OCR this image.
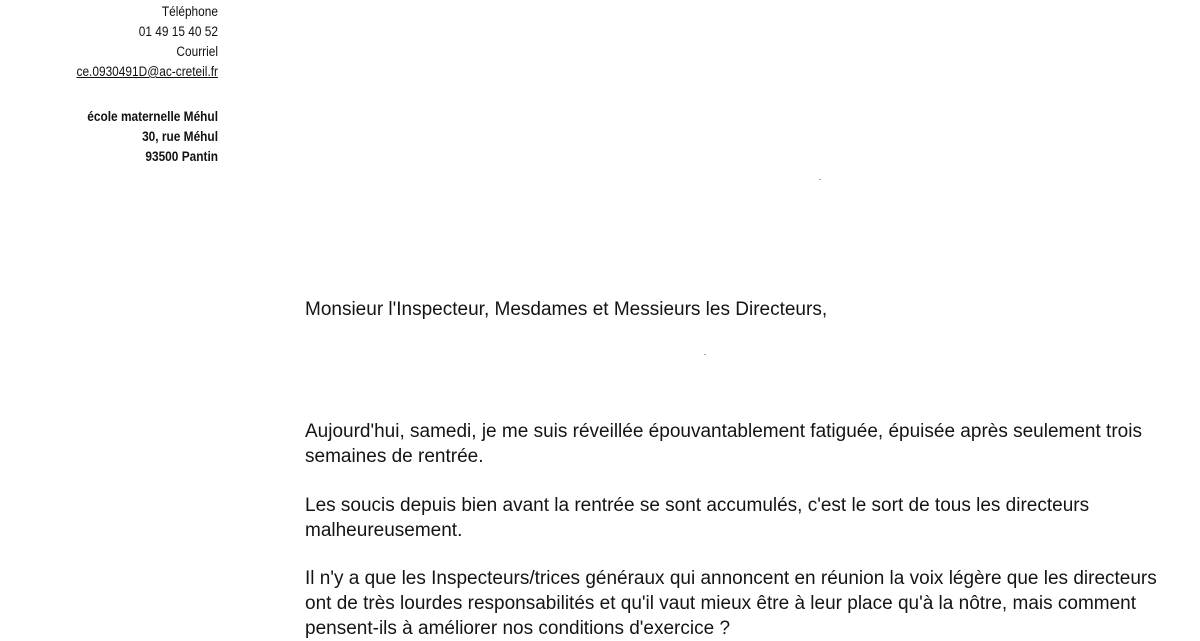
Téléphone
01 49 15 40 52
Courriel
ce.0930491D@ac-creteil.fr
école maternelle Méhul
30, rue Méhul
93500 Pantin
Monsieur l'Inspecteur, Mesdames et Messieurs les Directeurs,

Aujourd'hui, samedi, je me suis réveillée épouvantablement fatiguée, épuisée après seulement trois semaines de rentrée.

Les soucis depuis bien avant la rentrée se sont accumulés, c'est le sort de tous les directeurs malheureusement.

Il n'y a que les Inspecteurs/trices généraux qui annoncent en réunion la voix légère que les directeurs ont de très lourdes responsabilités et qu'il vaut mieux être à leur place qu'à la nôtre, mais comment pensent-ils à améliorer nos conditions d'exercice ?
